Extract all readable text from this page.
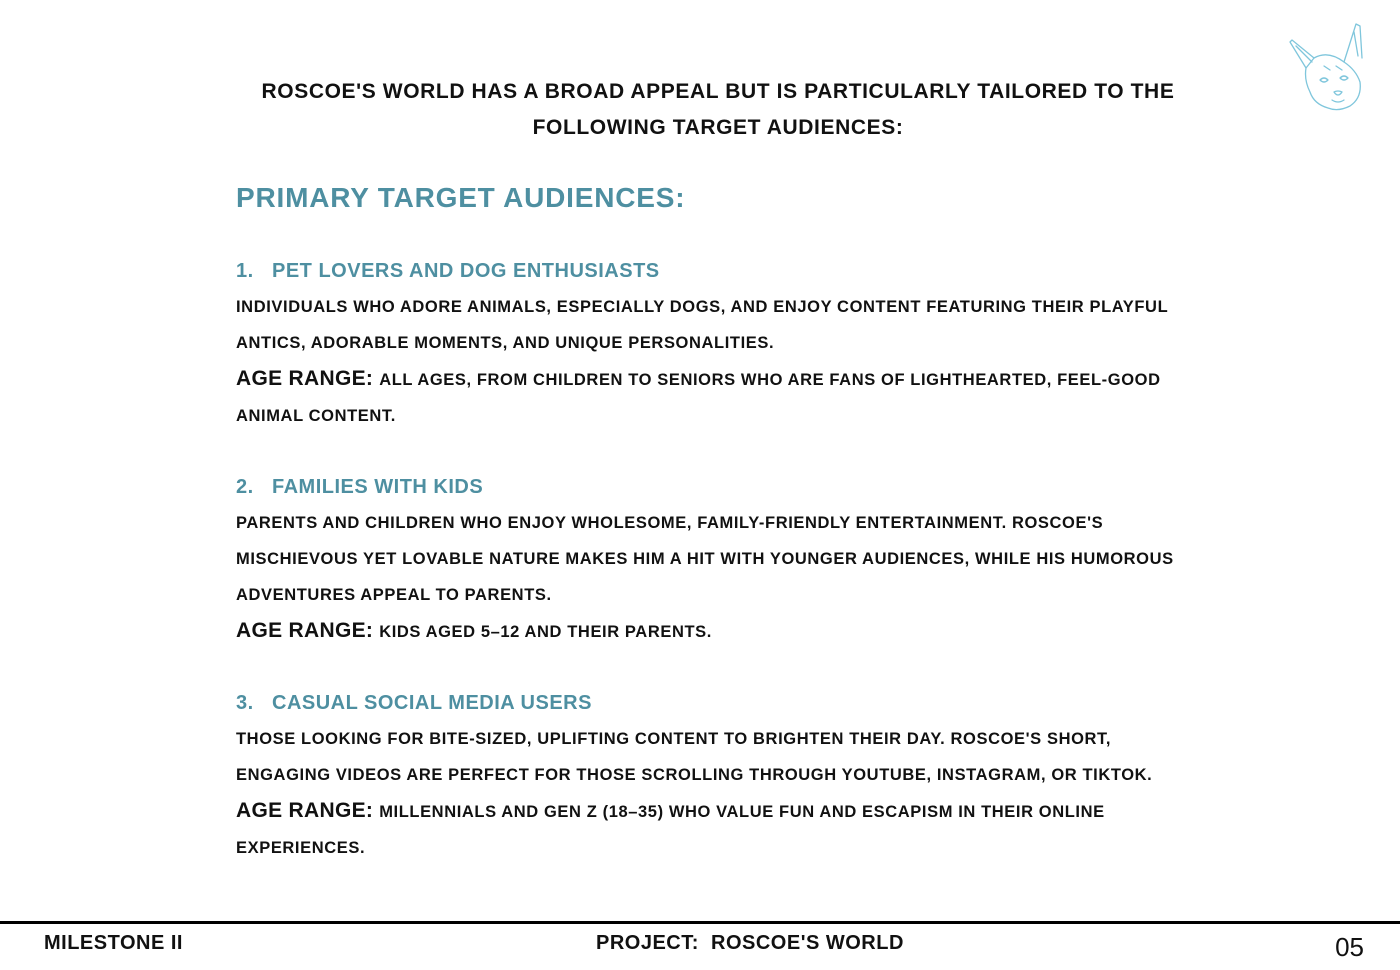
ROSCOE'S WORLD HAS A BROAD APPEAL BUT IS PARTICULARLY TAILORED TO THE
FOLLOWING TARGET AUDIENCES:
PRIMARY TARGET AUDIENCES:
1. PET LOVERS AND DOG ENTHUSIASTS
INDIVIDUALS WHO ADORE ANIMALS, ESPECIALLY DOGS, AND ENJOY CONTENT FEATURING THEIR PLAYFUL
ANTICS, ADORABLE MOMENTS, AND UNIQUE PERSONALITIES.
AGE RANGE: ALL AGES, FROM CHILDREN TO SENIORS WHO ARE FANS OF LIGHTHEARTED, FEEL-GOOD
ANIMAL CONTENT.
2. FAMILIES WITH KIDS
PARENTS AND CHILDREN WHO ENJOY WHOLESOME, FAMILY-FRIENDLY ENTERTAINMENT. ROSCOE'S
MISCHIEVOUS YET LOVABLE NATURE MAKES HIM A HIT WITH YOUNGER AUDIENCES, WHILE HIS HUMOROUS
ADVENTURES APPEAL TO PARENTS.
AGE RANGE: KIDS AGED 5–12 AND THEIR PARENTS.
3. CASUAL SOCIAL MEDIA USERS
THOSE LOOKING FOR BITE-SIZED, UPLIFTING CONTENT TO BRIGHTEN THEIR DAY. ROSCOE'S SHORT,
ENGAGING VIDEOS ARE PERFECT FOR THOSE SCROLLING THROUGH YOUTUBE, INSTAGRAM, OR TIKTOK.
AGE RANGE: MILLENNIALS AND GEN Z (18–35) WHO VALUE FUN AND ESCAPISM IN THEIR ONLINE
EXPERIENCES.
MILESTONE II	PROJECT:  ROSCOE'S WORLD	05
